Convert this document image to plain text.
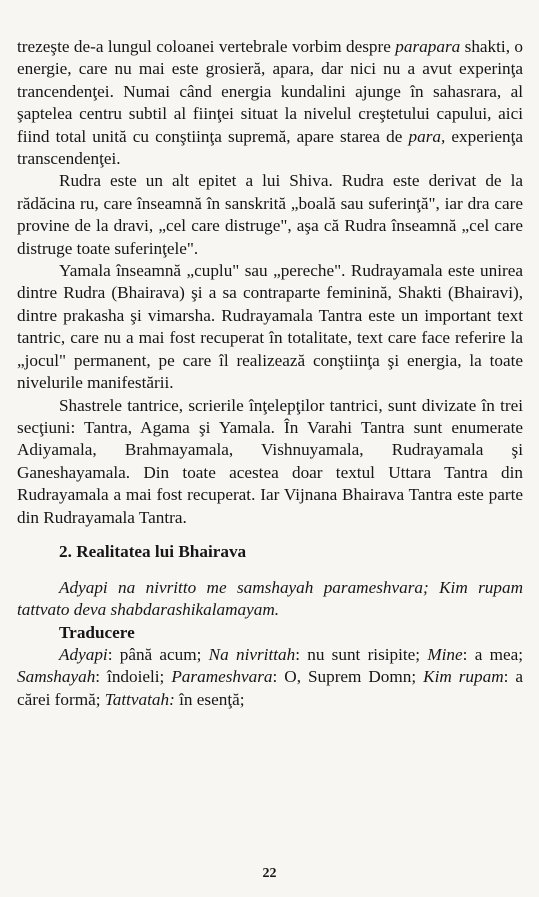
trezeşte de-a lungul coloanei vertebrale vorbim despre parapara shakti, o energie, care nu mai este grosieră, apara, dar nici nu a avut experinţa trancendenţei. Numai când energia kundalini ajunge în sahasrara, al şaptelea centru subtil al fiinţei situat la nivelul creştetului capului, aici fiind total unită cu conştiinţa supremă, apare starea de para, experienţa transcendenţei.

Rudra este un alt epitet a lui Shiva. Rudra este derivat de la rădăcina ru, care înseamnă în sanskrită „boală sau suferinţă", iar dra care provine de la dravi, „cel care distruge", aşa că Rudra înseamnă „cel care distruge toate suferinţele".

Yamala înseamnă „cuplu" sau „pereche". Rudrayamala este unirea dintre Rudra (Bhairava) şi a sa contraparte feminină, Shakti (Bhairavi), dintre prakasha şi vimarsha. Rudrayamala Tantra este un important text tantric, care nu a mai fost recuperat în totalitate, text care face referire la „jocul" permanent, pe care îl realizează conştiinţa şi energia, la toate nivelurile manifestării.

Shastrele tantrice, scrierile înţelepţilor tantrici, sunt divizate în trei secţiuni: Tantra, Agama şi Yamala. În Varahi Tantra sunt enumerate Adiyamala, Brahmayamala, Vishnuyamala, Rudrayamala şi Ganeshayamala. Din toate acestea doar textul Uttara Tantra din Rudrayamala a mai fost recuperat. Iar Vijnana Bhairava Tantra este parte din Rudrayamala Tantra.

2. Realitatea lui Bhairava

Adyapi na nivritto me samshayah parameshvara; Kim rupam tattvato deva shabdarashikalamayam.

Traducere

Adyapi: până acum; Na nivrittah: nu sunt risipite; Mine: a mea; Samshayah: îndoieli; Parameshvara: O, Suprem Domn; Kim rupam: a cărei formă; Tattvatah: în esenţă;

22
